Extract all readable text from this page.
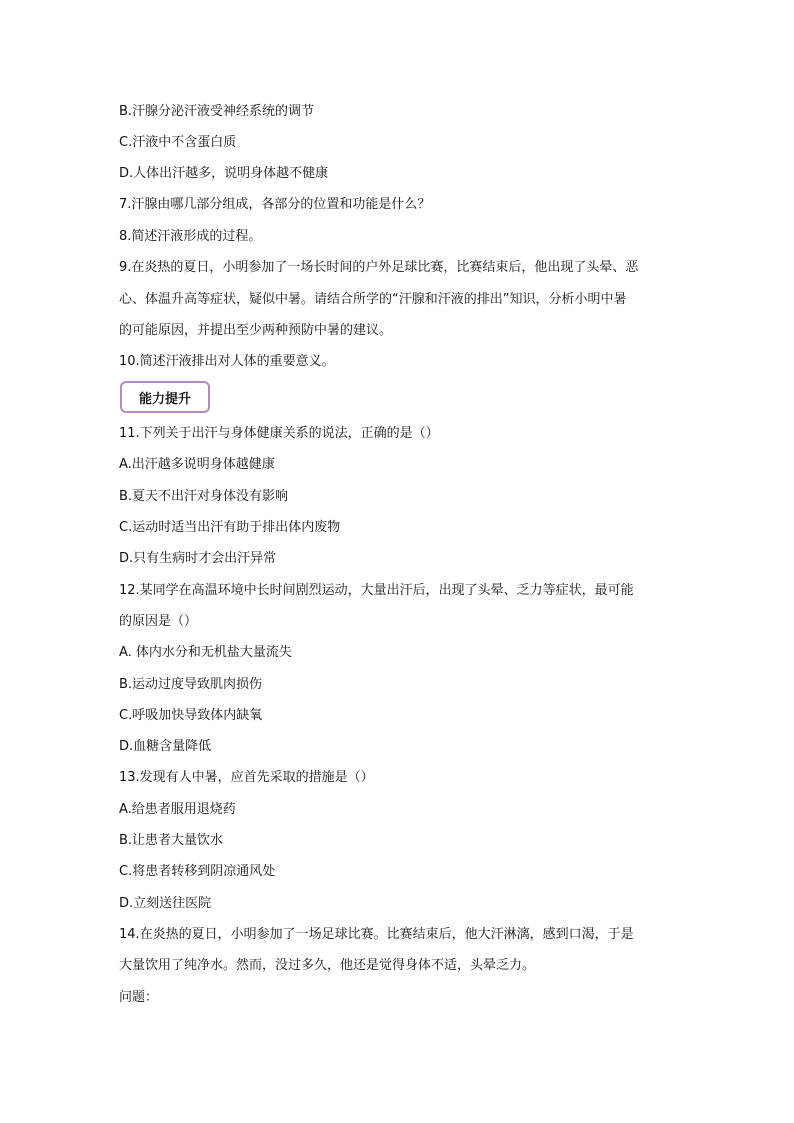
B.汗腺分泌汗液受神经系统的调节
C.汗液中不含蛋白质
D.人体出汗越多，说明身体越不健康
7.汗腺由哪几部分组成，各部分的位置和功能是什么？
8.简述汗液形成的过程。
9.在炎热的夏日，小明参加了一场长时间的户外足球比赛，比赛结束后，他出现了头晕、恶
心、体温升高等症状，疑似中暑。请结合所学的“汗腺和汗液的排出”知识，分析小明中暑
的可能原因，并提出至少两种预防中暑的建议。
10.简述汗液排出对人体的重要意义。
能力提升
11.下列关于出汗与身体健康关系的说法，正确的是（）
A.出汗越多说明身体越健康
B.夏天不出汗对身体没有影响
C.运动时适当出汗有助于排出体内废物
D.只有生病时才会出汗异常
12.某同学在高温环境中长时间剧烈运动，大量出汗后，出现了头晕、乏力等症状，最可能
的原因是（）
A. 体内水分和无机盐大量流失
B.运动过度导致肌肉损伤
C.呼吸加快导致体内缺氧
D.血糖含量降低
13.发现有人中暑，应首先采取的措施是（）
A.给患者服用退烧药
B.让患者大量饮水
C.将患者转移到阴凉通风处
D.立刻送往医院
14.在炎热的夏日，小明参加了一场足球比赛。比赛结束后，他大汗淋漓，感到口渴，于是
大量饮用了纯净水。然而，没过多久，他还是觉得身体不适，头晕乏力。
问题：
